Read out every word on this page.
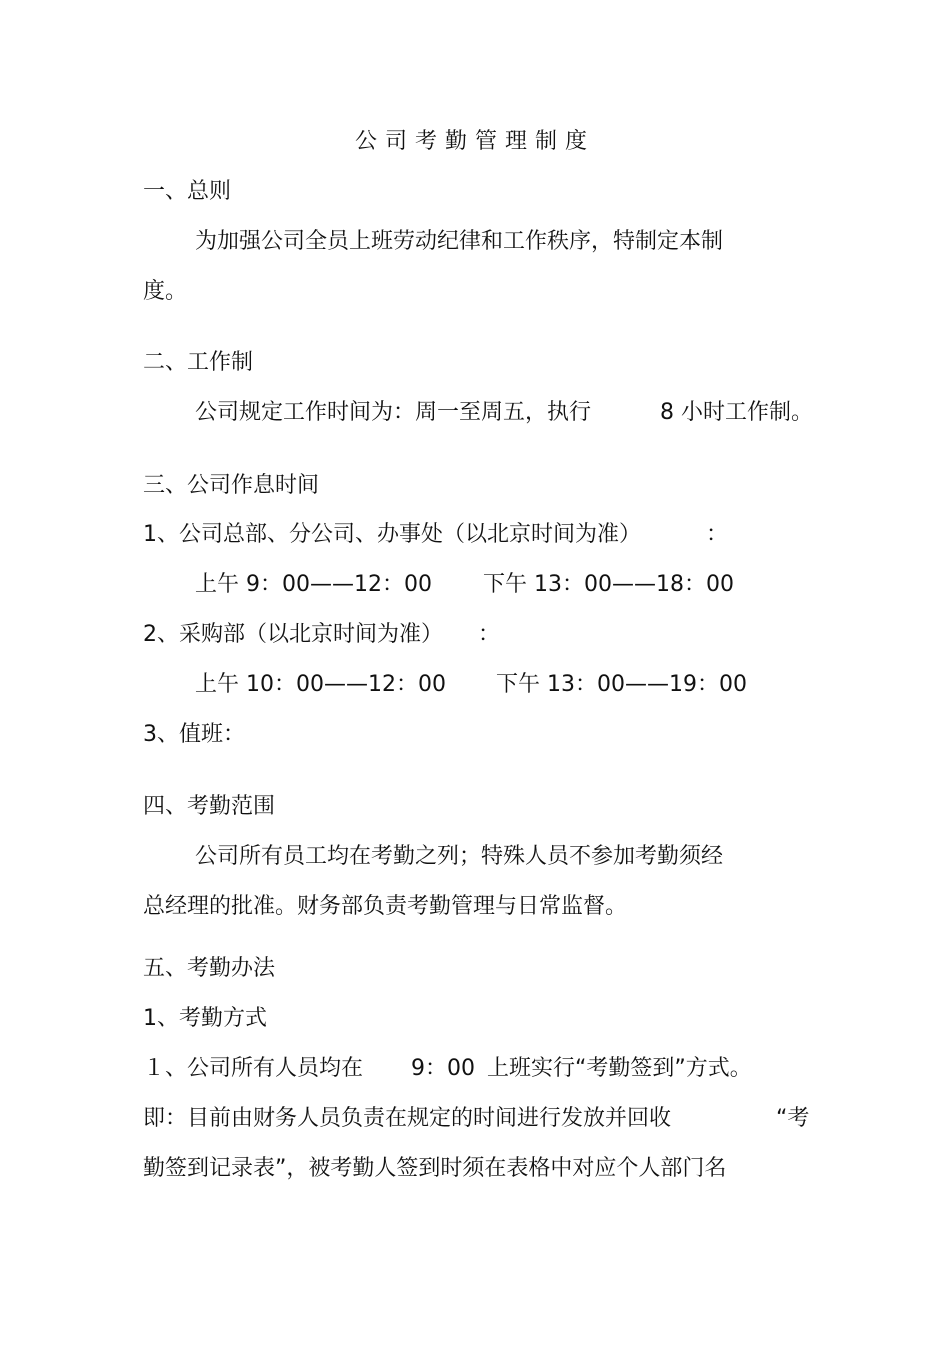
公司考勤管理制度
一、总则
为加强公司全员上班劳动纪律和工作秩序，特制定本制
度。
二、工作制
公司规定工作时间为：周一至周五，执行	8 小时工作制。
三、公司作息时间
1、公司总部、分公司、办事处（以北京时间为准）	：
上午 9：00——12：00 下午 13：00——18：00
2、采购部（以北京时间为准） ：
上午 10：00——12：00 下午 13：00——19：00
3、值班：
四、考勤范围
公司所有员工均在考勤之列；特殊人员不参加考勤须经
总经理的批准。财务部负责考勤管理与日常监督。
五、考勤办法
1、考勤方式
１、公司所有人员均在 9：00 上班实行“考勤签到”方式。
即：目前由财务人员负责在规定的时间进行发放并回收	“考
勤签到记录表”，被考勤人签到时须在表格中对应个人部门名
